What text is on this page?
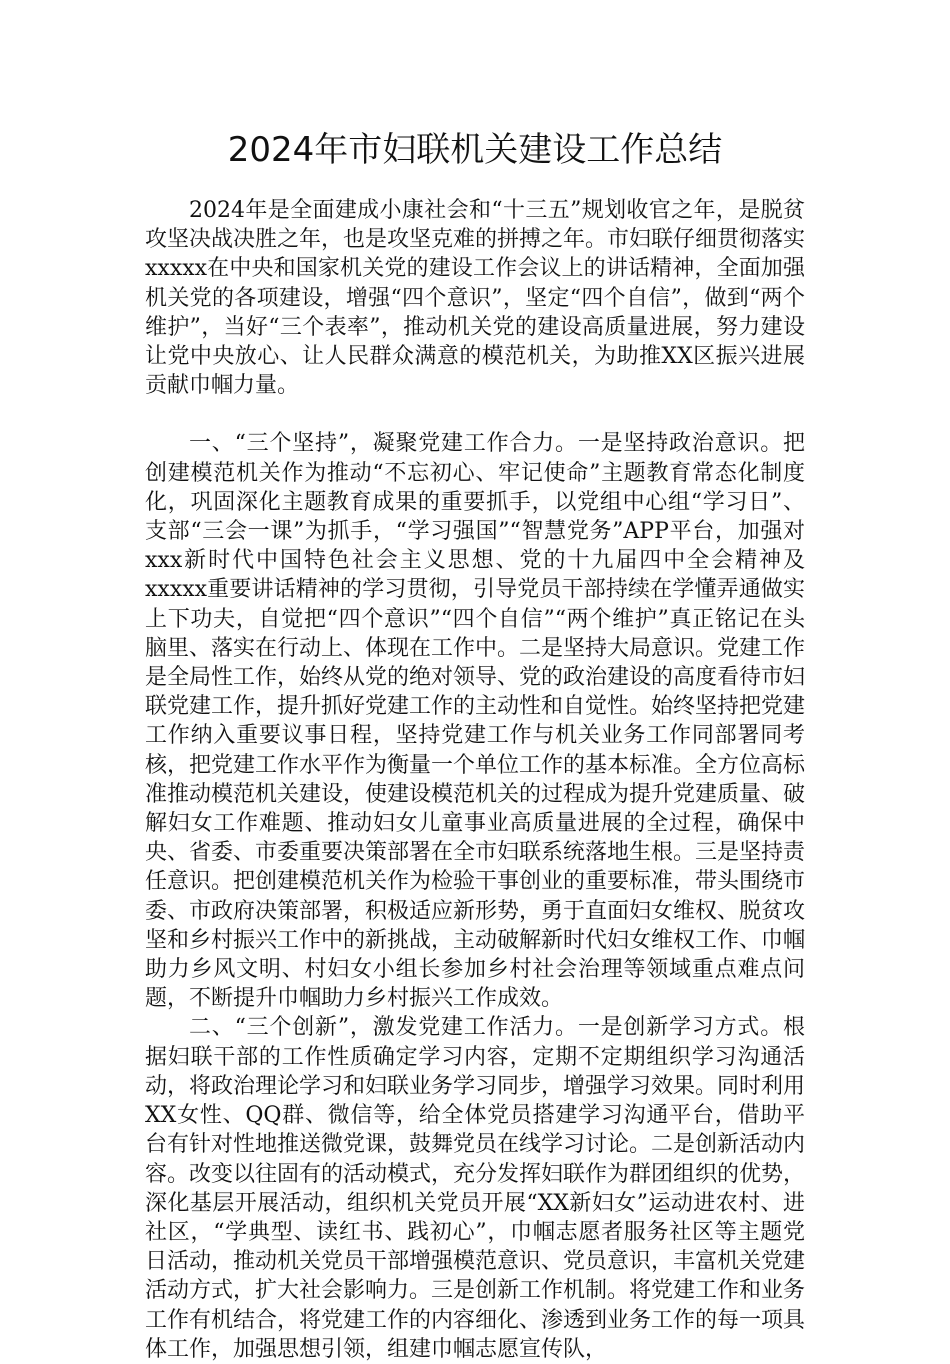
2024年市妇联机关建设工作总结

2024年是全面建成小康社会和“十三五”规划收官之年，是脱贫攻坚决战决胜之年，也是攻坚克难的拼搏之年。市妇联仔细贯彻落实xxxxx在中央和国家机关党的建设工作会议上的讲话精神，全面加强机关党的各项建设，增强“四个意识”，坚定“四个自信”，做到“两个维护”，当好“三个表率”，推动机关党的建设高质量进展，努力建设让党中央放心、让人民群众满意的模范机关，为助推XX区振兴进展贡献巾帼力量。

一、“三个坚持”，凝聚党建工作合力。一是坚持政治意识。把创建模范机关作为推动“不忘初心、牢记使命”主题教育常态化制度化，巩固深化主题教育成果的重要抓手，以党组中心组“学习日”、支部“三会一课”为抓手，“学习强国”“智慧党务”APP平台，加强对xxx新时代中国特色社会主义思想、党的十九届四中全会精神及xxxxx重要讲话精神的学习贯彻，引导党员干部持续在学懂弄通做实上下功夫，自觉把“四个意识”“四个自信”“两个维护”真正铭记在头脑里、落实在行动上、体现在工作中。二是坚持大局意识。党建工作是全局性工作，始终从党的绝对领导、党的政治建设的高度看待市妇联党建工作，提升抓好党建工作的主动性和自觉性。始终坚持把党建工作纳入重要议事日程，坚持党建工作与机关业务工作同部署同考核，把党建工作水平作为衡量一个单位工作的基本标准。全方位高标准推动模范机关建设，使建设模范机关的过程成为提升党建质量、破解妇女工作难题、推动妇女儿童事业高质量进展的全过程，确保中央、省委、市委重要决策部署在全市妇联系统落地生根。三是坚持责任意识。把创建模范机关作为检验干事创业的重要标准，带头围绕市委、市政府决策部署，积极适应新形势，勇于直面妇女维权、脱贫攻坚和乡村振兴工作中的新挑战，主动破解新时代妇女维权工作、巾帼助力乡风文明、村妇女小组长参加乡村社会治理等领域重点难点问题，不断提升巾帼助力乡村振兴工作成效。

二、“三个创新”，激发党建工作活力。一是创新学习方式。根据妇联干部的工作性质确定学习内容，定期不定期组织学习沟通活动，将政治理论学习和妇联业务学习同步，增强学习效果。同时利用XX女性、QQ群、微信等，给全体党员搭建学习沟通平台，借助平台有针对性地推送微党课，鼓舞党员在线学习讨论。二是创新活动内容。改变以往固有的活动模式，充分发挥妇联作为群团组织的优势，深化基层开展活动，组织机关党员开展“XX新妇女”运动进农村、进社区，“学典型、读红书、践初心”，巾帼志愿者服务社区等主题党日活动，推动机关党员干部增强模范意识、党员意识，丰富机关党建活动方式，扩大社会影响力。三是创新工作机制。将党建工作和业务工作有机结合，将党建工作的内容细化、渗透到业务工作的每一项具体工作，加强思想引领，组建巾帼志愿宣传队，
